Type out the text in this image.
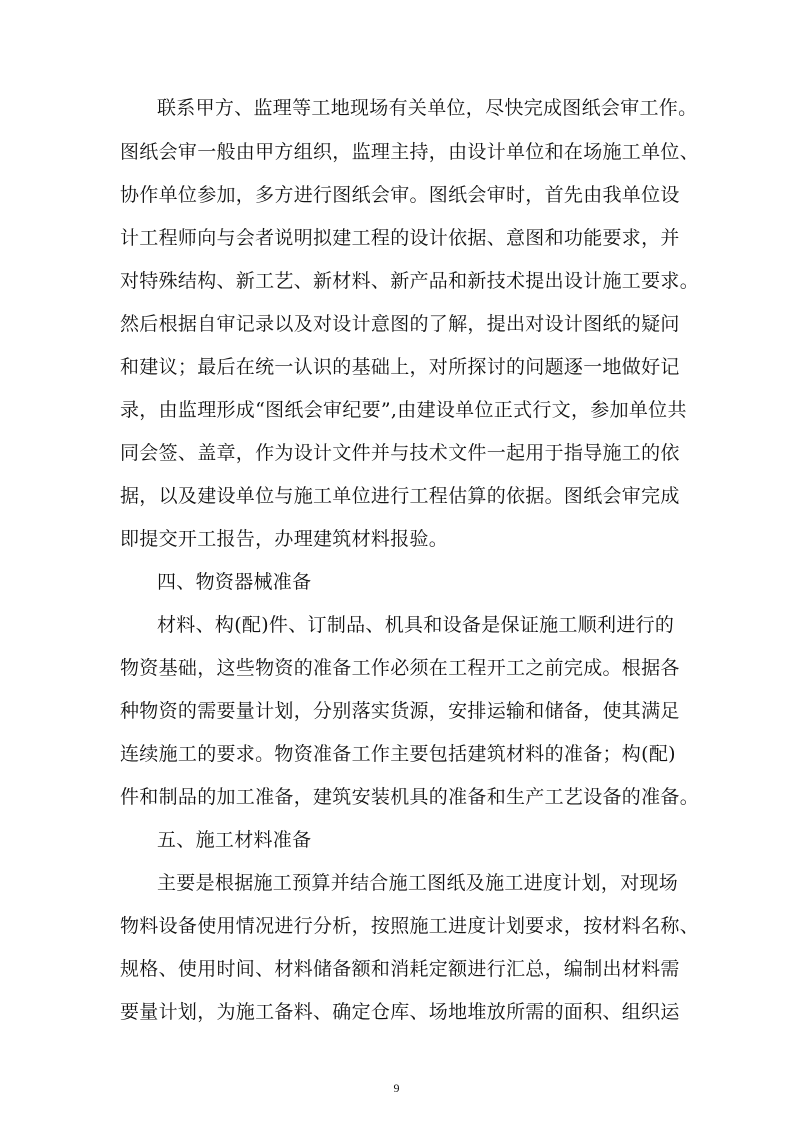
联系甲方、监理等工地现场有关单位，尽快完成图纸会审工作。
图纸会审一般由甲方组织，监理主持，由设计单位和在场施工单位、
协作单位参加，多方进行图纸会审。图纸会审时，首先由我单位设
计工程师向与会者说明拟建工程的设计依据、意图和功能要求，并
对特殊结构、新工艺、新材料、新产品和新技术提出设计施工要求。
然后根据自审记录以及对设计意图的了解，提出对设计图纸的疑问
和建议；最后在统一认识的基础上，对所探讨的问题逐一地做好记
录，由监理形成“图纸会审纪要”,由建设单位正式行文，参加单位共
同会签、盖章，作为设计文件并与技术文件一起用于指导施工的依
据，以及建设单位与施工单位进行工程估算的依据。图纸会审完成
即提交开工报告，办理建筑材料报验。
四、物资器械准备
材料、构(配)件、订制品、机具和设备是保证施工顺利进行的
物资基础，这些物资的准备工作必须在工程开工之前完成。根据各
种物资的需要量计划，分别落实货源，安排运输和储备，使其满足
连续施工的要求。物资准备工作主要包括建筑材料的准备；构(配)
件和制品的加工准备，建筑安装机具的准备和生产工艺设备的准备。
五、施工材料准备
主要是根据施工预算并结合施工图纸及施工进度计划，对现场
物料设备使用情况进行分析，按照施工进度计划要求，按材料名称、
规格、使用时间、材料储备额和消耗定额进行汇总，编制出材料需
要量计划，为施工备料、确定仓库、场地堆放所需的面积、组织运
9
